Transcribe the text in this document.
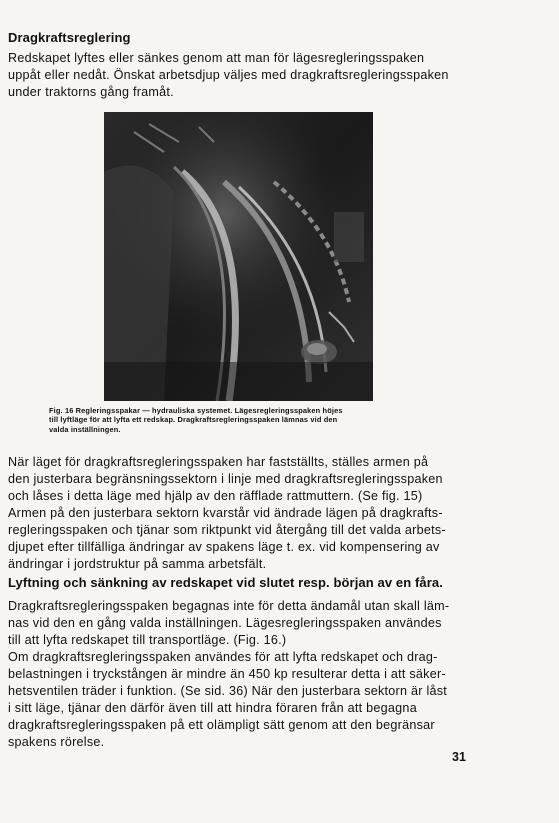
Dragkraftsreglering
Redskapet lyftes eller sänkes genom att man för lägesregleringsspaken
uppåt eller nedåt. Önskat arbetsdjup väljes med dragkraftsregleringsspaken
under traktorns gång framåt.
Fig. 16 Regleringsspakar — hydrauliska systemet. Lägesregleringsspaken höjes
till lyftläge för att lyfta ett redskap. Dragkraftsregleringsspaken lämnas vid den
valda inställningen.
När läget för dragkraftsregleringsspaken har fastställts, ställes armen på
den justerbara begränsningssektorn i linje med dragkraftsregleringsspaken
och låses i detta läge med hjälp av den räfflade rattmuttern. (Se fig. 15)
Armen på den justerbara sektorn kvarstår vid ändrade lägen på dragkrafts-
regleringsspaken och tjänar som riktpunkt vid återgång till det valda arbets-
djupet efter tillfälliga ändringar av spakens läge t. ex. vid kompensering av
ändringar i jordstruktur på samma arbetsfält.
Lyftning och sänkning av redskapet vid slutet resp. början av en fåra.
Dragkraftsregleringsspaken begagnas inte för detta ändamål utan skall läm-
nas vid den en gång valda inställningen. Lägesregleringsspaken användes
till att lyfta redskapet till transportläge. (Fig. 16.)
Om dragkraftsregleringsspaken användes för att lyfta redskapet och drag-
belastningen i tryckstången är mindre än 450 kp resulterar detta i att säker-
hetsventilen träder i funktion. (Se sid. 36) När den justerbara sektorn är låst
i sitt läge, tjänar den därför även till att hindra föraren från att begagna
dragkraftsregleringsspaken på ett olämpligt sätt genom att den begränsar
spakens rörelse.
31
